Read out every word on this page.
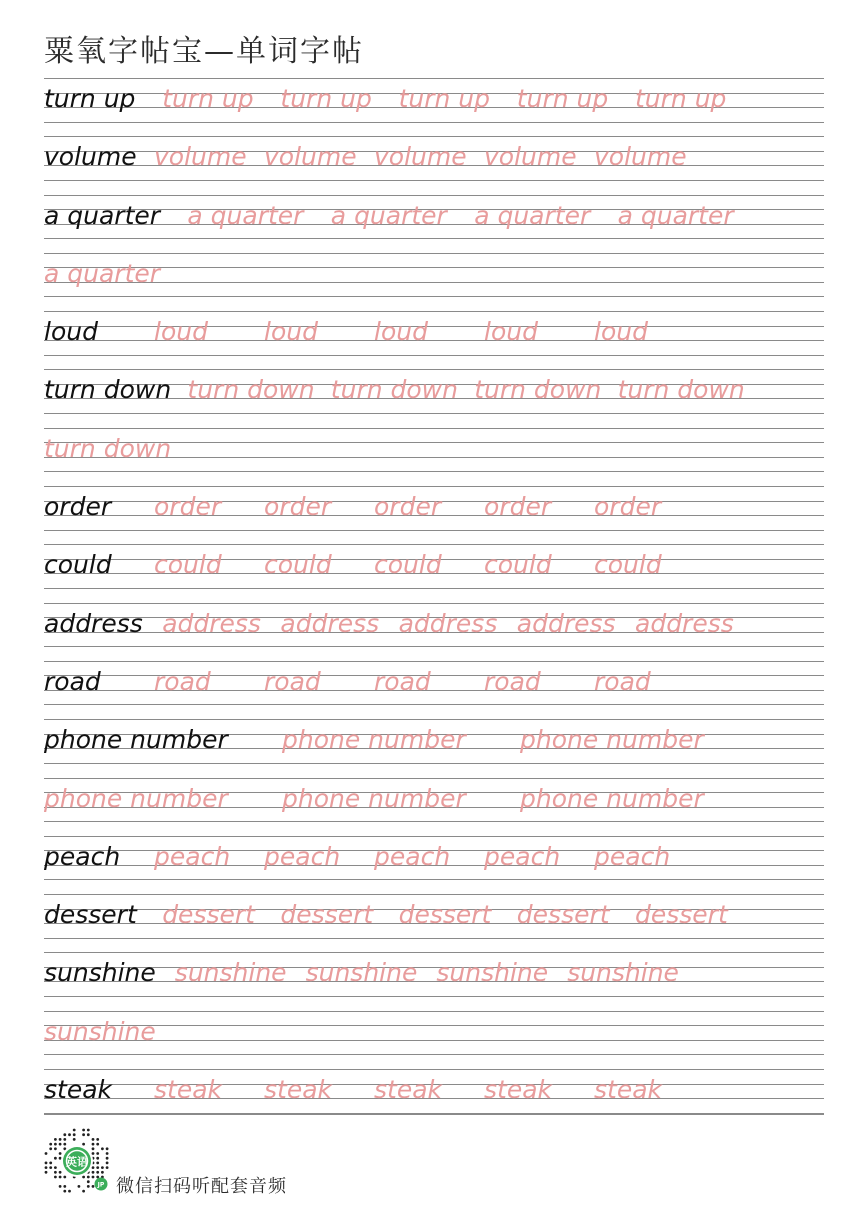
粟氧字帖宝—单词字帖
turn up turn up turn up turn up turn up turn up
volume volume volume volume volume volume
a quarter a quarter a quarter a quarter a quarter
a quarter
loud loud loud loud loud loud
turn down turn down turn down turn down turn down
turn down
order order order order order order
could could could could could could
address address address address address address
road road road road road road
phone number phone number phone number
phone number phone number phone number
peach peach peach peach peach peach
dessert dessert dessert dessert dessert dessert
sunshine sunshine sunshine sunshine sunshine
sunshine
steak steak steak steak steak steak
英语
JP 微信扫码听配套音频
